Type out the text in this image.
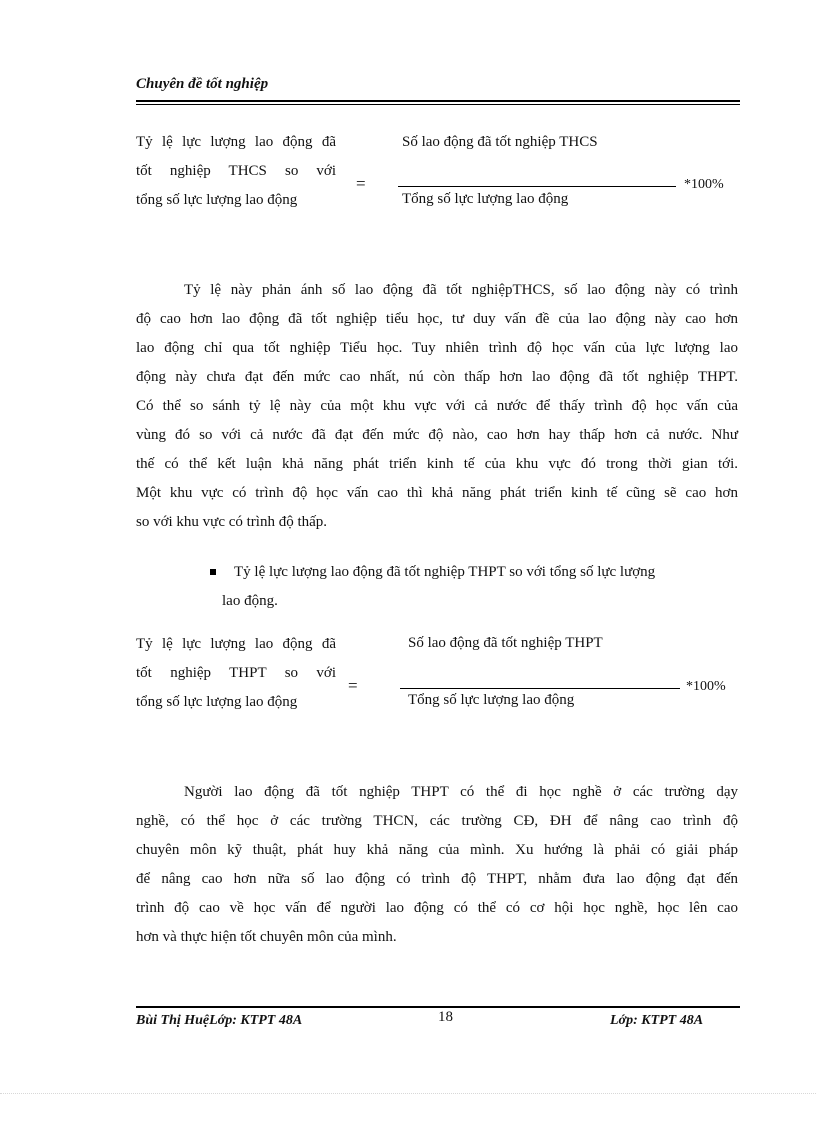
Chuyên đề tốt nghiệp
Tỷ lệ lực lượng lao động đã
tốt nghiệp THCS so với
tổng số lực lượng lao động
=
Số lao động đã tốt nghiệp THCS
Tổng số lực lượng lao động
*100%
Tỷ lệ này phản ánh số lao động đã tốt nghiệpTHCS, số lao động này có trình
độ cao hơn lao động đã tốt nghiệp tiểu học, tư duy vấn đề của lao động này cao hơn
lao động chỉ qua tốt nghiệp Tiểu học. Tuy nhiên trình độ học vấn của lực lượng lao
động này chưa đạt đến mức cao nhất, nú còn thấp hơn lao động đã tốt nghiệp THPT.
Có thể so sánh tỷ lệ này của một khu vực với cả nước để thấy trình độ học vấn của
vùng đó so với cả nước đã đạt đến mức độ nào, cao hơn hay thấp hơn cả nước. Như
thế có thể kết luận khả năng phát triển kinh tế của khu vực đó trong thời gian tới.
Một khu vực có trình độ học vấn cao thì khả năng phát triển kinh tế cũng sẽ cao hơn
so với khu vực có trình độ thấp.
Tỷ lệ lực lượng lao động đã tốt nghiệp THPT so với tổng số lực lượng
lao động.
Tỷ lệ lực lượng lao động đã
tốt nghiệp THPT so với
tổng số lực lượng lao động
=
Số lao động đã tốt nghiệp THPT
Tổng số lực lượng lao động
*100%
Người lao động đã tốt nghiệp THPT có thể đi học nghề ở các trường dạy
nghề, có thể học ở các trường THCN, các trường CĐ, ĐH để nâng cao trình độ
chuyên môn kỹ thuật, phát huy khả năng của mình. Xu hướng là phải có giải pháp
để nâng cao hơn nữa số lao động có trình độ THPT, nhằm đưa lao động đạt đến
trình độ cao về học vấn để người lao động có thể có cơ hội học nghề, học lên cao
hơn và thực hiện tốt chuyên môn của mình.
Bùi Thị HuệLớp: KTPT 48A	18	Lớp: KTPT 48A
